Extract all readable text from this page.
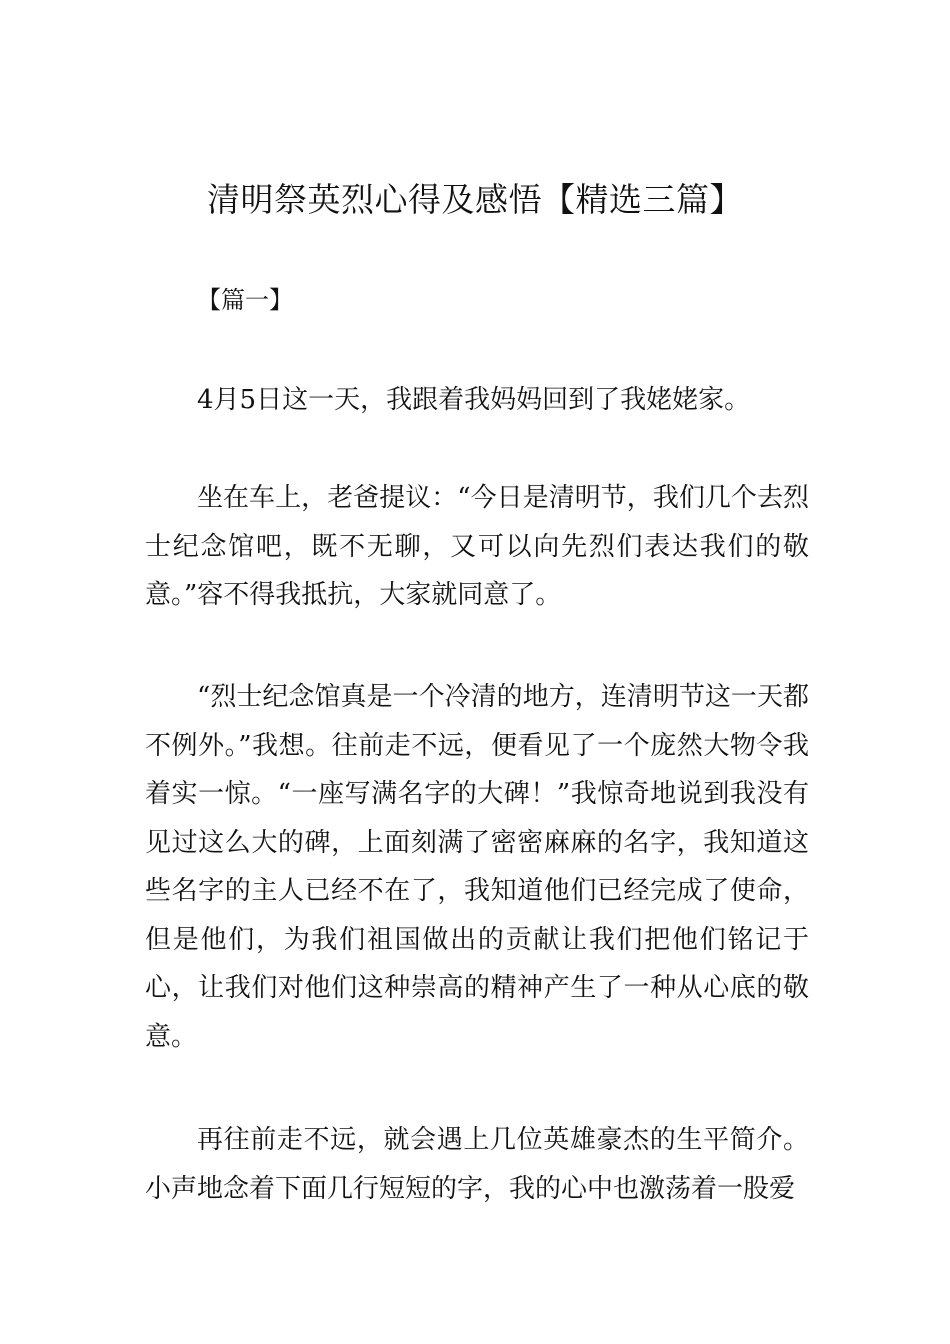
清明祭英烈心得及感悟【精选三篇】

【篇一】

4月5日这一天，我跟着我妈妈回到了我姥姥家。

坐在车上，老爸提议：“今日是清明节，我们几个去烈士纪念馆吧，既不无聊，又可以向先烈们表达我们的敬意。”容不得我抵抗，大家就同意了。

“烈士纪念馆真是一个冷清的地方，连清明节这一天都不例外。”我想。往前走不远，便看见了一个庞然大物令我着实一惊。“一座写满名字的大碑！”我惊奇地说到我没有见过这么大的碑，上面刻满了密密麻麻的名字，我知道这些名字的主人已经不在了，我知道他们已经完成了使命，但是他们，为我们祖国做出的贡献让我们把他们铭记于心，让我们对他们这种崇高的精神产生了一种从心底的敬意。

再往前走不远，就会遇上几位英雄豪杰的生平简介。小声地念着下面几行短短的字，我的心中也激荡着一股爱
